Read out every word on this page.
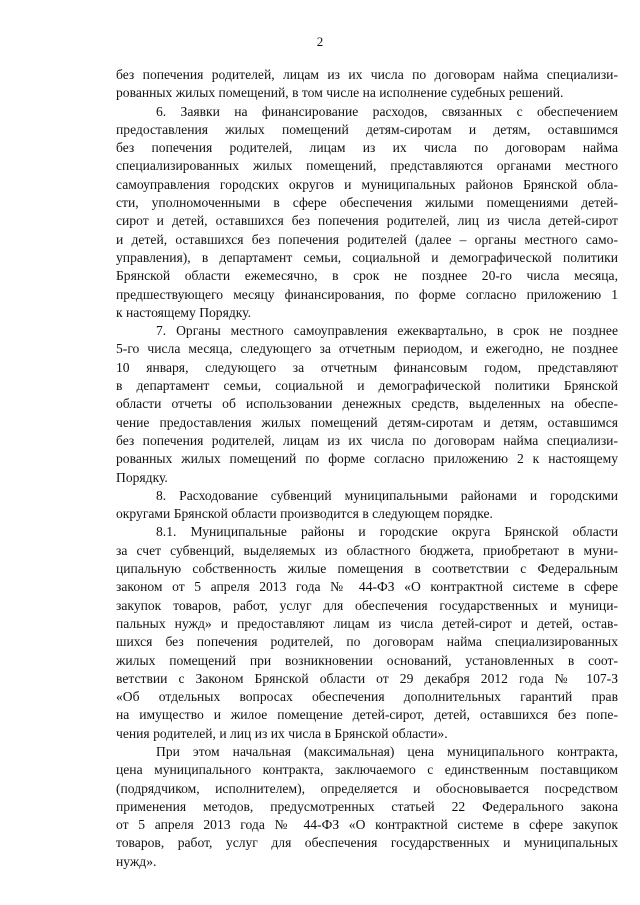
2
без попечения родителей, лицам из их числа по договорам найма специализи-
рованных жилых помещений, в том числе на исполнение судебных решений.
6. Заявки на финансирование расходов, связанных с обеспечением
предоставления жилых помещений детям-сиротам и детям, оставшимся
без попечения родителей, лицам из их числа по договорам найма
специализированных жилых помещений, представляются органами местного
самоуправления городских округов и муниципальных районов Брянской обла-
сти, уполномоченными в сфере обеспечения жилыми помещениями детей-
сирот и детей, оставшихся без попечения родителей, лиц из числа детей-сирот
и детей, оставшихся без попечения родителей (далее – органы местного само-
управления), в департамент семьи, социальной и демографической политики
Брянской области ежемесячно, в срок не позднее 20-го числа месяца,
предшествующего месяцу финансирования, по форме согласно приложению 1
к настоящему Порядку.
7. Органы местного самоуправления ежеквартально, в срок не позднее
5-го числа месяца, следующего за отчетным периодом, и ежегодно, не позднее
10 января, следующего за отчетным финансовым годом, представляют
в департамент семьи, социальной и демографической политики Брянской
области отчеты об использовании денежных средств, выделенных на обеспе-
чение предоставления жилых помещений детям-сиротам и детям, оставшимся
без попечения родителей, лицам из их числа по договорам найма специализи-
рованных жилых помещений по форме согласно приложению 2 к настоящему
Порядку.
8. Расходование субвенций муниципальными районами и городскими
округами Брянской области производится в следующем порядке.
8.1. Муниципальные районы и городские округа Брянской области
за счет субвенций, выделяемых из областного бюджета, приобретают в муни-
ципальную собственность жилые помещения в соответствии с Федеральным
законом от 5 апреля 2013 года № 44-ФЗ «О контрактной системе в сфере
закупок товаров, работ, услуг для обеспечения государственных и муници-
пальных нужд» и предоставляют лицам из числа детей-сирот и детей, остав-
шихся без попечения родителей, по договорам найма специализированных
жилых помещений при возникновении оснований, установленных в соот-
ветствии с Законом Брянской области от 29 декабря 2012 года № 107-З
«Об отдельных вопросах обеспечения дополнительных гарантий прав
на имущество и жилое помещение детей-сирот, детей, оставшихся без попе-
чения родителей, и лиц из их числа в Брянской области».
При этом начальная (максимальная) цена муниципального контракта,
цена муниципального контракта, заключаемого с единственным поставщиком
(подрядчиком, исполнителем), определяется и обосновывается посредством
применения методов, предусмотренных статьей 22 Федерального закона
от 5 апреля 2013 года № 44-ФЗ «О контрактной системе в сфере закупок
товаров, работ, услуг для обеспечения государственных и муниципальных
нужд».
